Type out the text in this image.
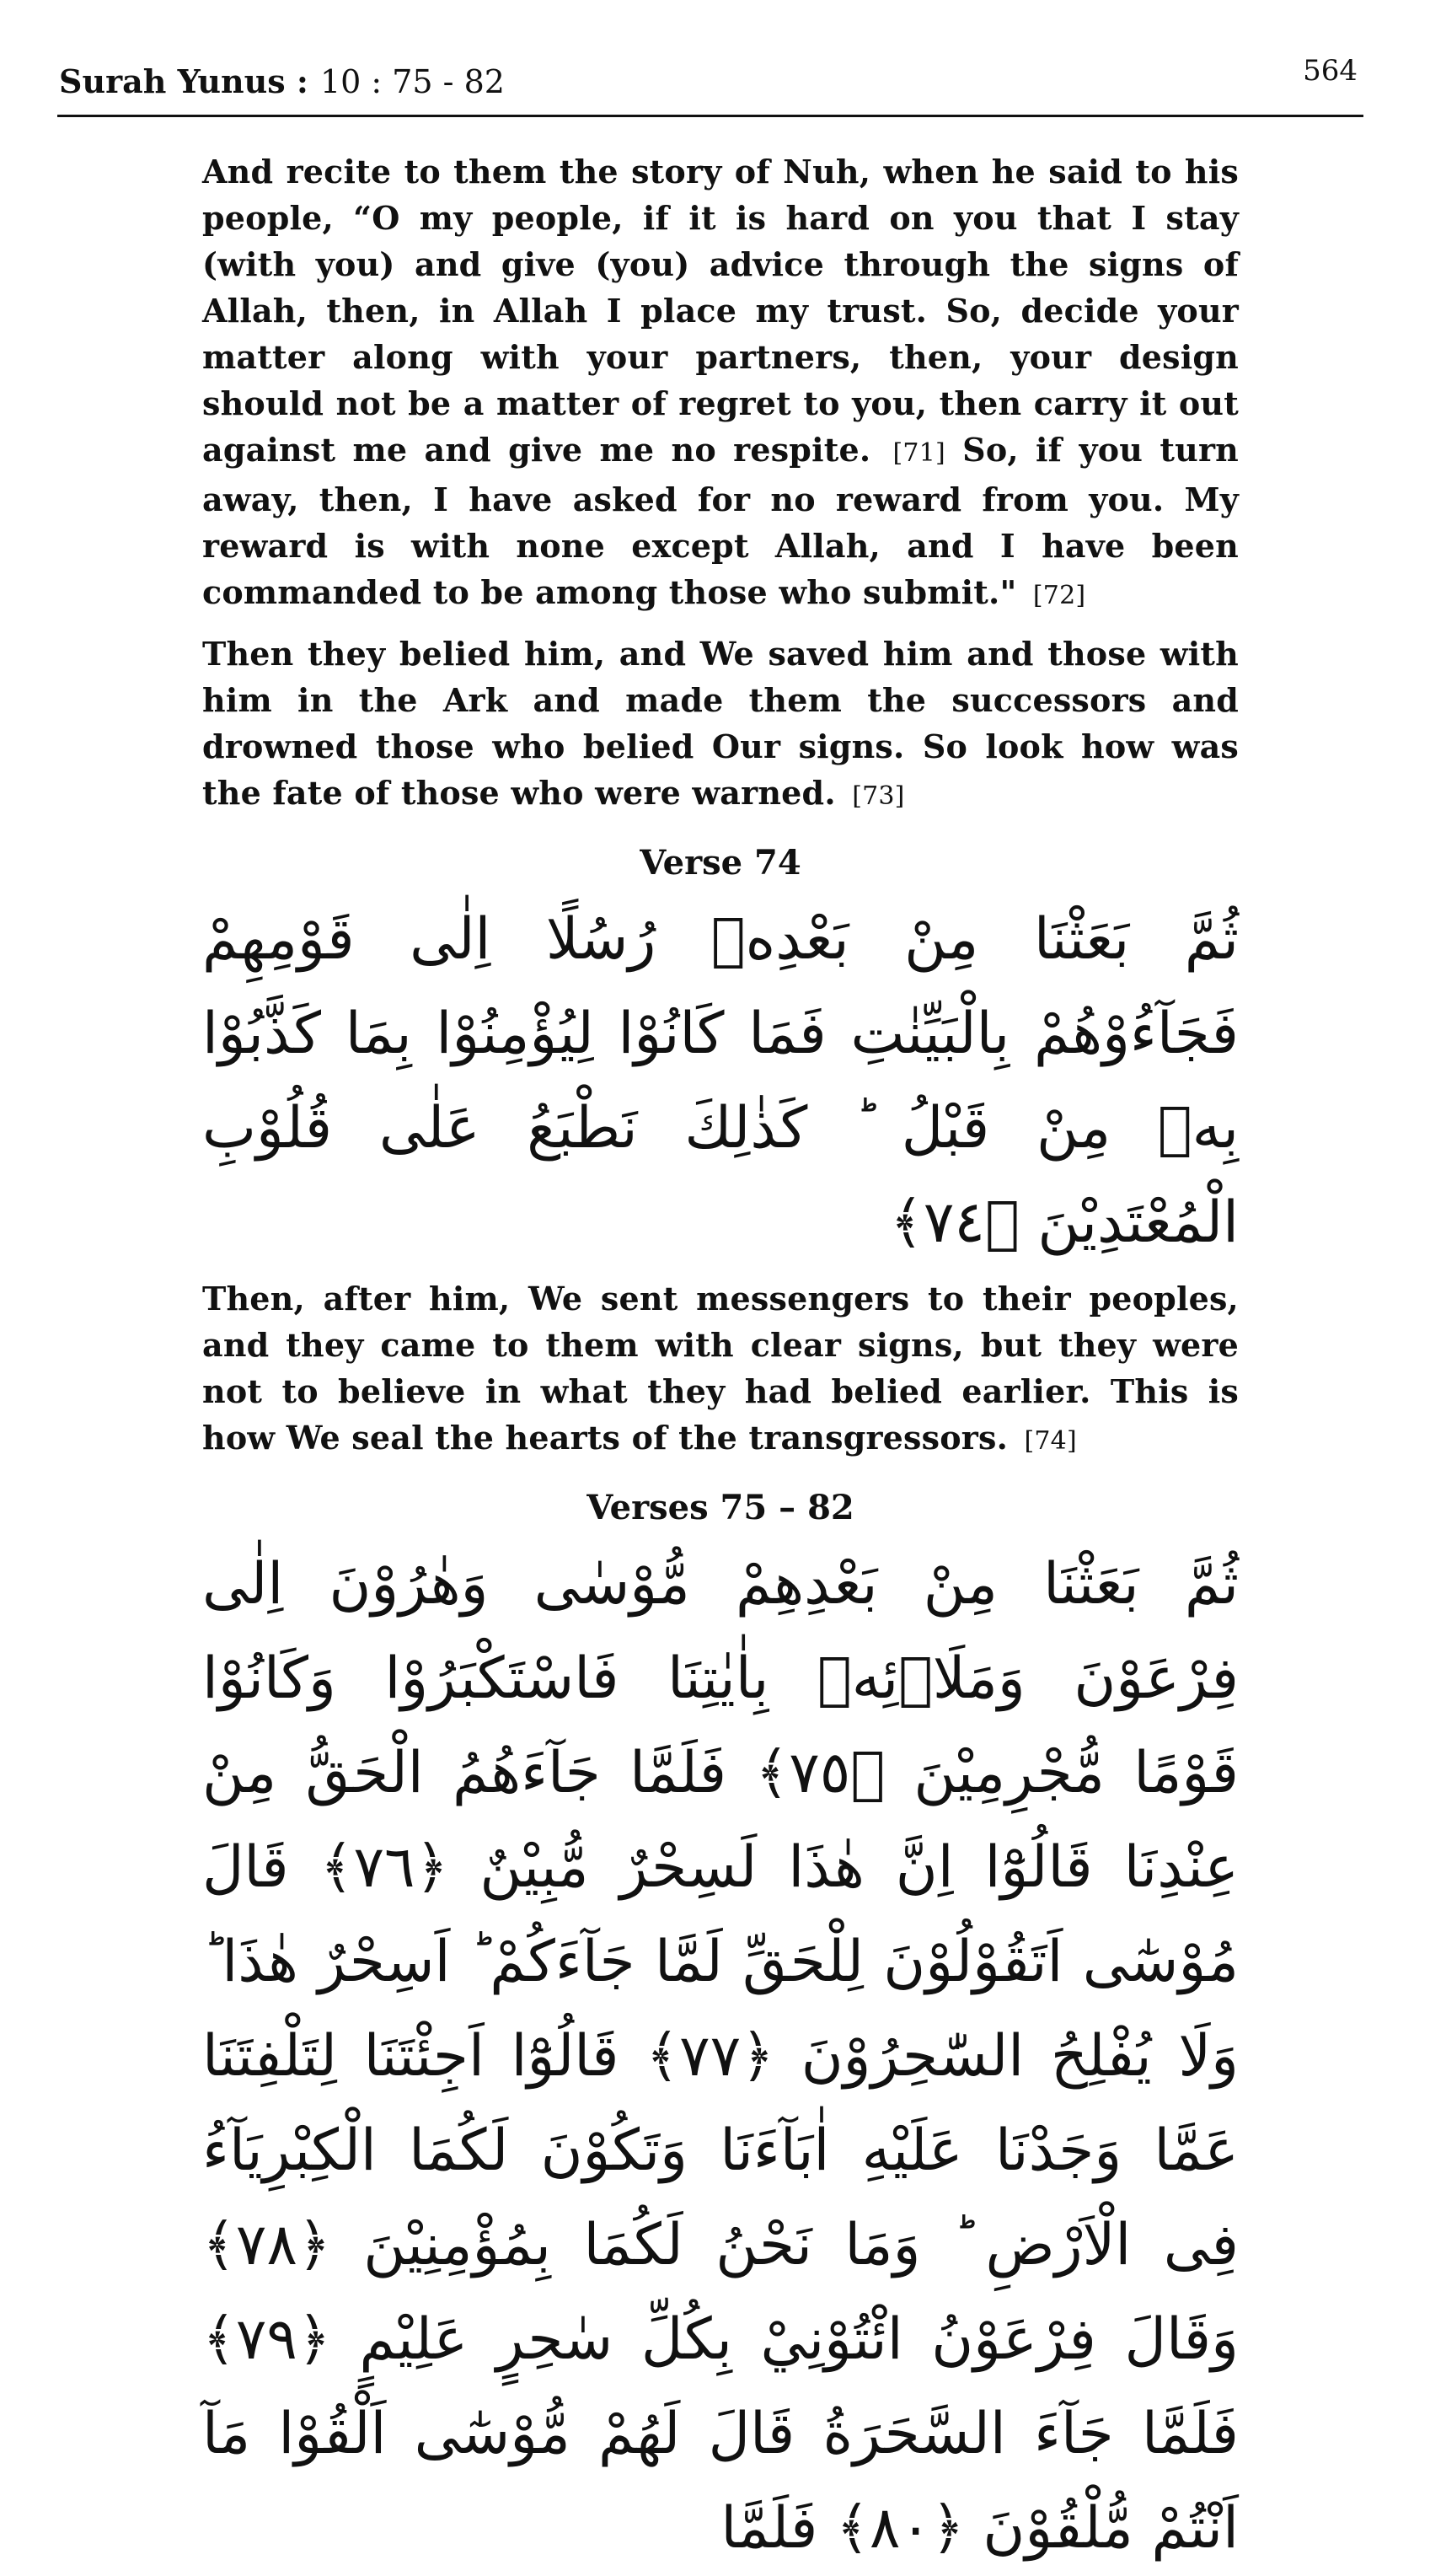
Surah Yunus : 10 : 75 - 82	564

And recite to them the story of Nuh, when he said to his people, “O my people, if it is hard on you that I stay (with you) and give (you) advice through the signs of Allah, then, in Allah I place my trust. So, decide your matter along with your partners, then, your design should not be a matter of regret to you, then carry it out against me and give me no respite. [71] So, if you turn away, then, I have asked for no reward from you. My reward is with none except Allah, and I have been commanded to be among those who submit." [72]

Then they belied him, and We saved him and those with him in the Ark and made them the successors and drowned those who belied Our signs. So look how was the fate of those who were warned. [73]

Verse 74

ثُمَّ بَعَثْنَا مِنْ بَعْدِهٖ رُسُلًا اِلٰى قَوْمِهِمْ فَجَآءُوْهُمْ بِالْبَيِّنٰتِ فَمَا كَانُوْا لِيُؤْمِنُوْا بِمَا كَذَّبُوْا بِهٖ مِنْ قَبْلُ ؕ كَذٰلِكَ نَطْبَعُ عَلٰى قُلُوْبِ الْمُعْتَدِيْنَ ﴿٧٤﴾

Then, after him, We sent messengers to their peoples, and they came to them with clear signs, but they were not to believe in what they had belied earlier. This is how We seal the hearts of the transgressors. [74]

Verses 75 – 82

ثُمَّ بَعَثْنَا مِنْ بَعْدِهِمْ مُّوْسٰى وَهٰرُوْنَ اِلٰى فِرْعَوْنَ وَمَلَا۟ئِهٖ بِاٰيٰتِنَا فَاسْتَكْبَرُوْا وَكَانُوْا قَوْمًا مُّجْرِمِيْنَ ﴿٧٥﴾ فَلَمَّا جَآءَهُمُ الْحَقُّ مِنْ عِنْدِنَا قَالُوْٓا اِنَّ هٰذَا لَسِحْرٌ مُّبِيْنٌ ﴿٧٦﴾ قَالَ مُوْسٰٓى اَتَقُوْلُوْنَ لِلْحَقِّ لَمَّا جَآءَكُمْ ؕ اَسِحْرٌ هٰذَا ؕ وَلَا يُفْلِحُ السّٰحِرُوْنَ ﴿٧٧﴾ قَالُوْٓا اَجِئْتَنَا لِتَلْفِتَنَا عَمَّا وَجَدْنَا عَلَيْهِ اٰبَآءَنَا وَتَكُوْنَ لَكُمَا الْكِبْرِيَآءُ فِى الْاَرْضِ ؕ وَمَا نَحْنُ لَكُمَا بِمُؤْمِنِيْنَ ﴿٧٨﴾ وَقَالَ فِرْعَوْنُ ائْتُوْنِيْ بِكُلِّ سٰحِرٍ عَلِيْمٍ ﴿٧٩﴾ فَلَمَّا جَآءَ السَّحَرَةُ قَالَ لَهُمْ مُّوْسٰٓى اَلْقُوْا مَآ اَنْتُمْ مُّلْقُوْنَ ﴿٨٠﴾ فَلَمَّا
